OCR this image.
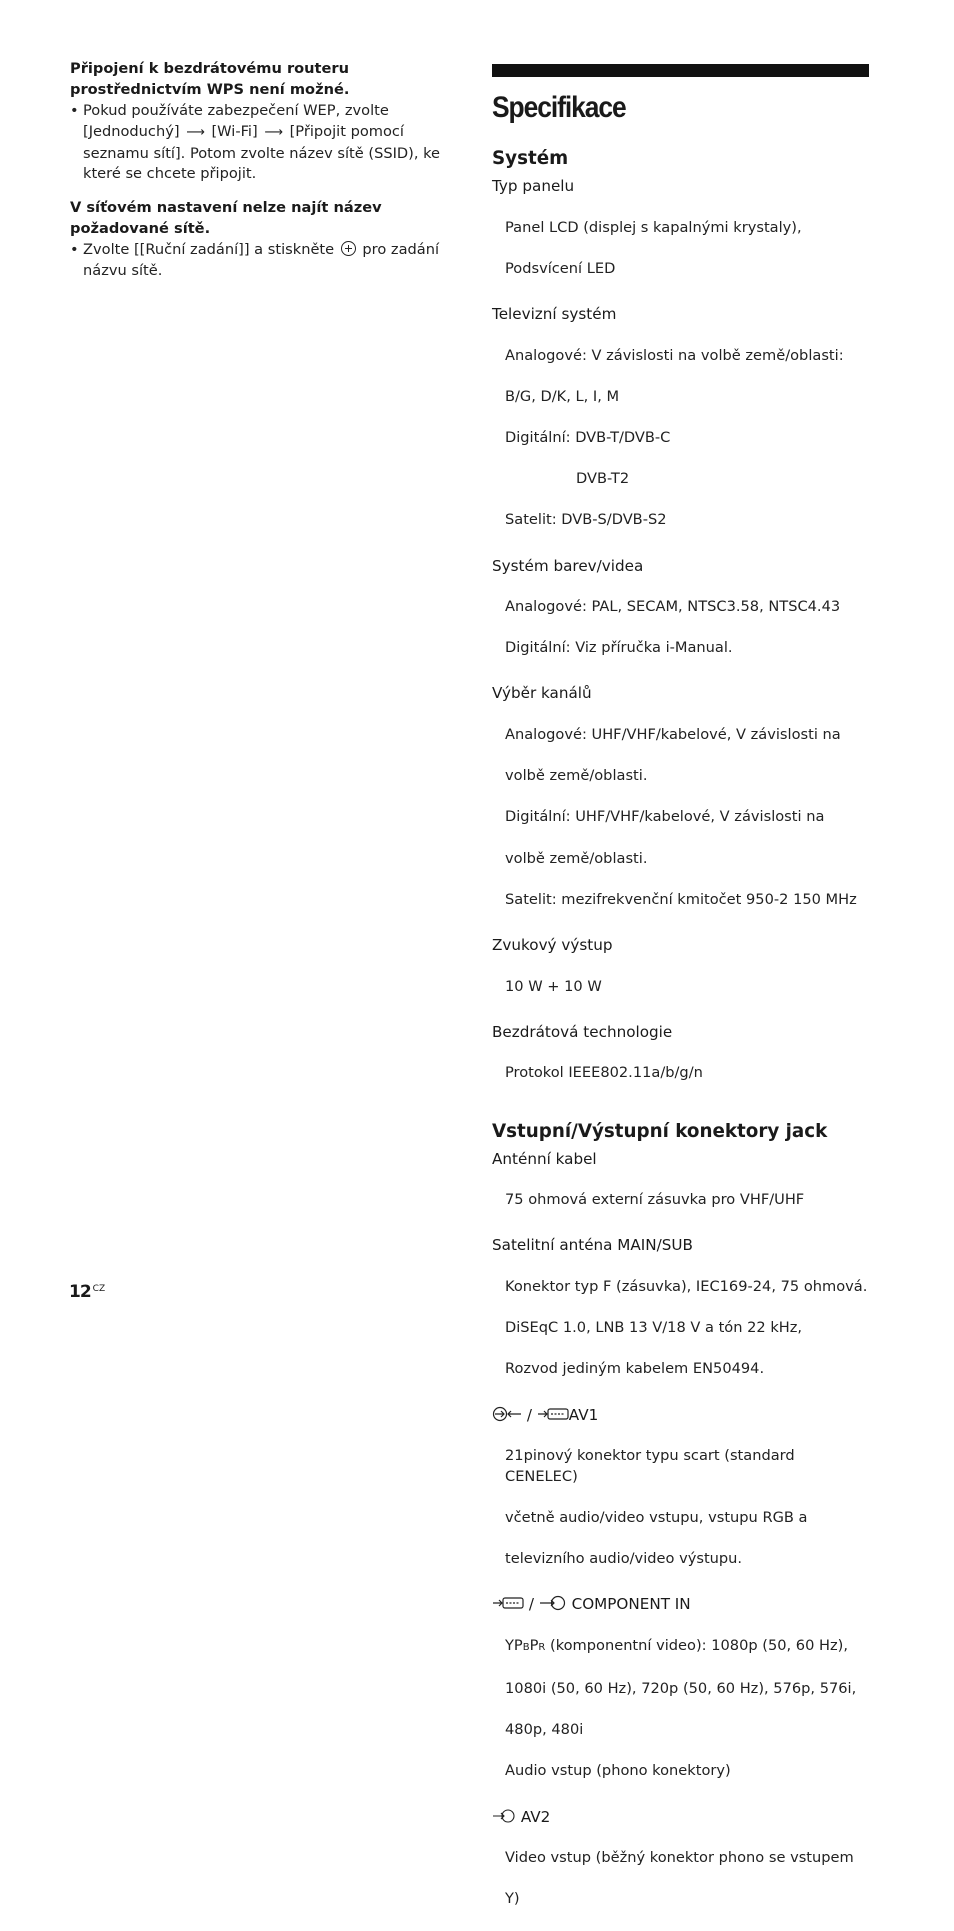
Připojení k bezdrátovému routeru prostřednictvím WPS není možné.

• Pokud používáte zabezpečení WEP, zvolte [Jednoduchý] ⟶ [Wi-Fi] ⟶ [Připojit pomocí seznamu sítí]. Potom zvolte název sítě (SSID), ke které se chcete připojit.

V síťovém nastavení nelze najít název požadované sítě.

• Zvolte [[Ruční zadání]] a stiskněte pro zadání názvu sítě.
Specifikace
Systém
Typ panelu

Panel LCD (displej s kapalnými krystaly),

Podsvícení LED

Televizní systém

Analogové: V závislosti na volbě země/oblasti:

B/G, D/K, L, I, M

Digitální: DVB-T/DVB-C

DVB-T2

Satelit: DVB-S/DVB-S2

Systém barev/videa

Analogové: PAL, SECAM, NTSC3.58, NTSC4.43

Digitální: Viz příručka i-Manual.

Výběr kanálů

Analogové: UHF/VHF/kabelové, V závislosti na

volbě země/oblasti.

Digitální: UHF/VHF/kabelové, V závislosti na

volbě země/oblasti.

Satelit: mezifrekvenční kmitočet 950-2 150 MHz

Zvukový výstup

10 W + 10 W

Bezdrátová technologie

Protokol IEEE802.11a/b/g/n

Vstupní/Výstupní konektory jack
Anténní kabel

75 ohmová externí zásuvka pro VHF/UHF

Satelitní anténa MAIN/SUB

Konektor typ F (zásuvka), IEC169-24, 75 ohmová.

DiSEqC 1.0, LNB 13 V/18 V a tón 22 kHz,

Rozvod jediným kabelem EN50494.

/ AV1

21pinový konektor typu scart (standard CENELEC)

včetně audio/video vstupu, vstupu RGB a

televizního audio/video výstupu.

/ COMPONENT IN

YPBPR (komponentní video): 1080p (50, 60 Hz),

1080i (50, 60 Hz), 720p (50, 60 Hz), 576p, 576i,

480p, 480i

Audio vstup (phono konektory)

AV2

Video vstup (běžný konektor phono se vstupem

Y)

12 $^{CZ}$
